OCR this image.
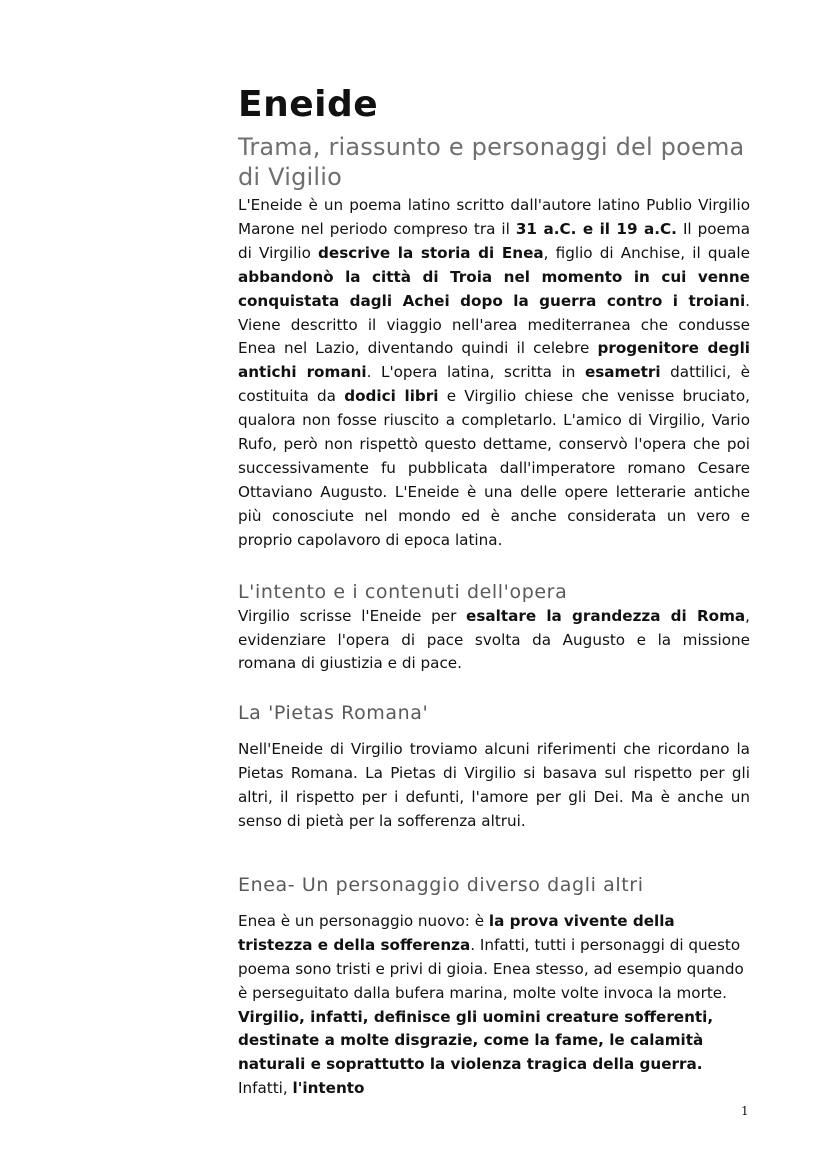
Eneide
Trama, riassunto e personaggi del poema di Vigilio

L'Eneide è un poema latino scritto dall'autore latino Publio Virgilio Marone nel periodo compreso tra il 31 a.C. e il 19 a.C. Il poema di Virgilio descrive la storia di Enea, figlio di Anchise, il quale abbandonò la città di Troia nel momento in cui venne conquistata dagli Achei dopo la guerra contro i troiani. Viene descritto il viaggio nell'area mediterranea che condusse Enea nel Lazio, diventando quindi il celebre progenitore degli antichi romani. L'opera latina, scritta in esametri dattilici, è costituita da dodici libri e Virgilio chiese che venisse bruciato, qualora non fosse riuscito a completarlo. L'amico di Virgilio, Vario Rufo, però non rispettò questo dettame, conservò l'opera che poi successivamente fu pubblicata dall'imperatore romano Cesare Ottaviano Augusto. L'Eneide è una delle opere letterarie antiche più conosciute nel mondo ed è anche considerata un vero e proprio capolavoro di epoca latina.

L'intento e i contenuti dell'opera

Virgilio scrisse l'Eneide per esaltare la grandezza di Roma, evidenziare l'opera di pace svolta da Augusto e la missione romana di giustizia e di pace.

La 'Pietas Romana'

Nell'Eneide di Virgilio troviamo alcuni riferimenti che ricordano la Pietas Romana. La Pietas di Virgilio si basava sul rispetto per gli altri, il rispetto per i defunti, l'amore per gli Dei. Ma è anche un senso di pietà per la sofferenza altrui.

Enea- Un personaggio diverso dagli altri

Enea è un personaggio nuovo: è la prova vivente della tristezza e della sofferenza. Infatti, tutti i personaggi di questo poema sono tristi e privi di gioia. Enea stesso, ad esempio quando è perseguitato dalla bufera marina, molte volte invoca la morte. Virgilio, infatti, definisce gli uomini creature sofferenti, destinate a molte disgrazie, come la fame, le calamità naturali e soprattutto la violenza tragica della guerra. Infatti, l'intento

1
